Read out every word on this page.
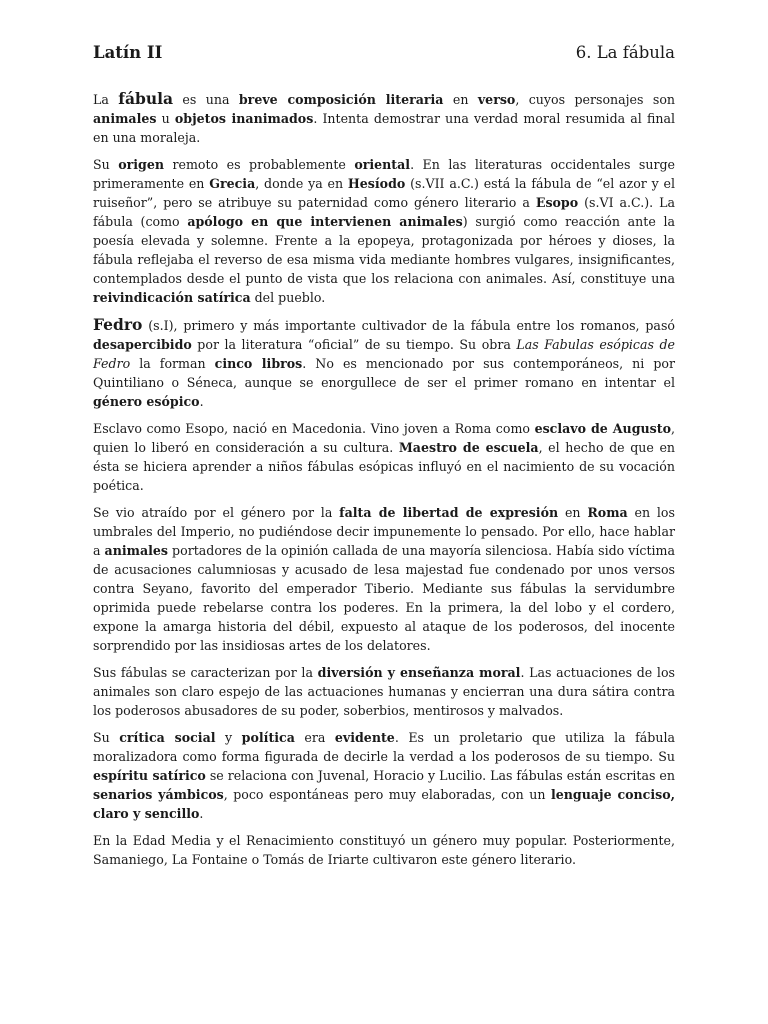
Latín II	6. La fábula

La fábula es una breve composición literaria en verso, cuyos personajes son animales u objetos inanimados. Intenta demostrar una verdad moral resumida al final en una moraleja.

Su origen remoto es probablemente oriental. En las literaturas occidentales surge primeramente en Grecia, donde ya en Hesíodo (s.VII a.C.) está la fábula de “el azor y el ruiseñor”, pero se atribuye su paternidad como género literario a Esopo (s.VI a.C.). La fábula (como apólogo en que intervienen animales) surgió como reacción ante la poesía elevada y solemne. Frente a la epopeya, protagonizada por héroes y dioses, la fábula reflejaba el reverso de esa misma vida mediante hombres vulgares, insignificantes, contemplados desde el punto de vista que los relaciona con animales. Así, constituye una reivindicación satírica del pueblo.

Fedro (s.I), primero y más importante cultivador de la fábula entre los romanos, pasó desapercibido por la literatura “oficial” de su tiempo. Su obra Las Fabulas esópicas de Fedro la forman cinco libros. No es mencionado por sus contemporáneos, ni por Quintiliano o Séneca, aunque se enorgullece de ser el primer romano en intentar el género esópico.

Esclavo como Esopo, nació en Macedonia. Vino joven a Roma como esclavo de Augusto, quien lo liberó en consideración a su cultura. Maestro de escuela, el hecho de que en ésta se hiciera aprender a niños fábulas esópicas influyó en el nacimiento de su vocación poética.

Se vio atraído por el género por la falta de libertad de expresión en Roma en los umbrales del Imperio, no pudiéndose decir impunemente lo pensado. Por ello, hace hablar a animales portadores de la opinión callada de una mayoría silenciosa. Había sido víctima de acusaciones calumniosas y acusado de lesa majestad fue condenado por unos versos contra Seyano, favorito del emperador Tiberio. Mediante sus fábulas la servidumbre oprimida puede rebelarse contra los poderes. En la primera, la del lobo y el cordero, expone la amarga historia del débil, expuesto al ataque de los poderosos, del inocente sorprendido por las insidiosas artes de los delatores.

Sus fábulas se caracterizan por la diversión y enseñanza moral. Las actuaciones de los animales son claro espejo de las actuaciones humanas y encierran una dura sátira contra los poderosos abusadores de su poder, soberbios, mentirosos y malvados.

Su crítica social y política era evidente. Es un proletario que utiliza la fábula moralizadora como forma figurada de decirle la verdad a los poderosos de su tiempo. Su espíritu satírico se relaciona con Juvenal, Horacio y Lucilio. Las fábulas están escritas en senarios yámbicos, poco espontáneas pero muy elaboradas, con un lenguaje conciso, claro y sencillo.

En la Edad Media y el Renacimiento constituyó un género muy popular. Posteriormente, Samaniego, La Fontaine o Tomás de Iriarte cultivaron este género literario.
